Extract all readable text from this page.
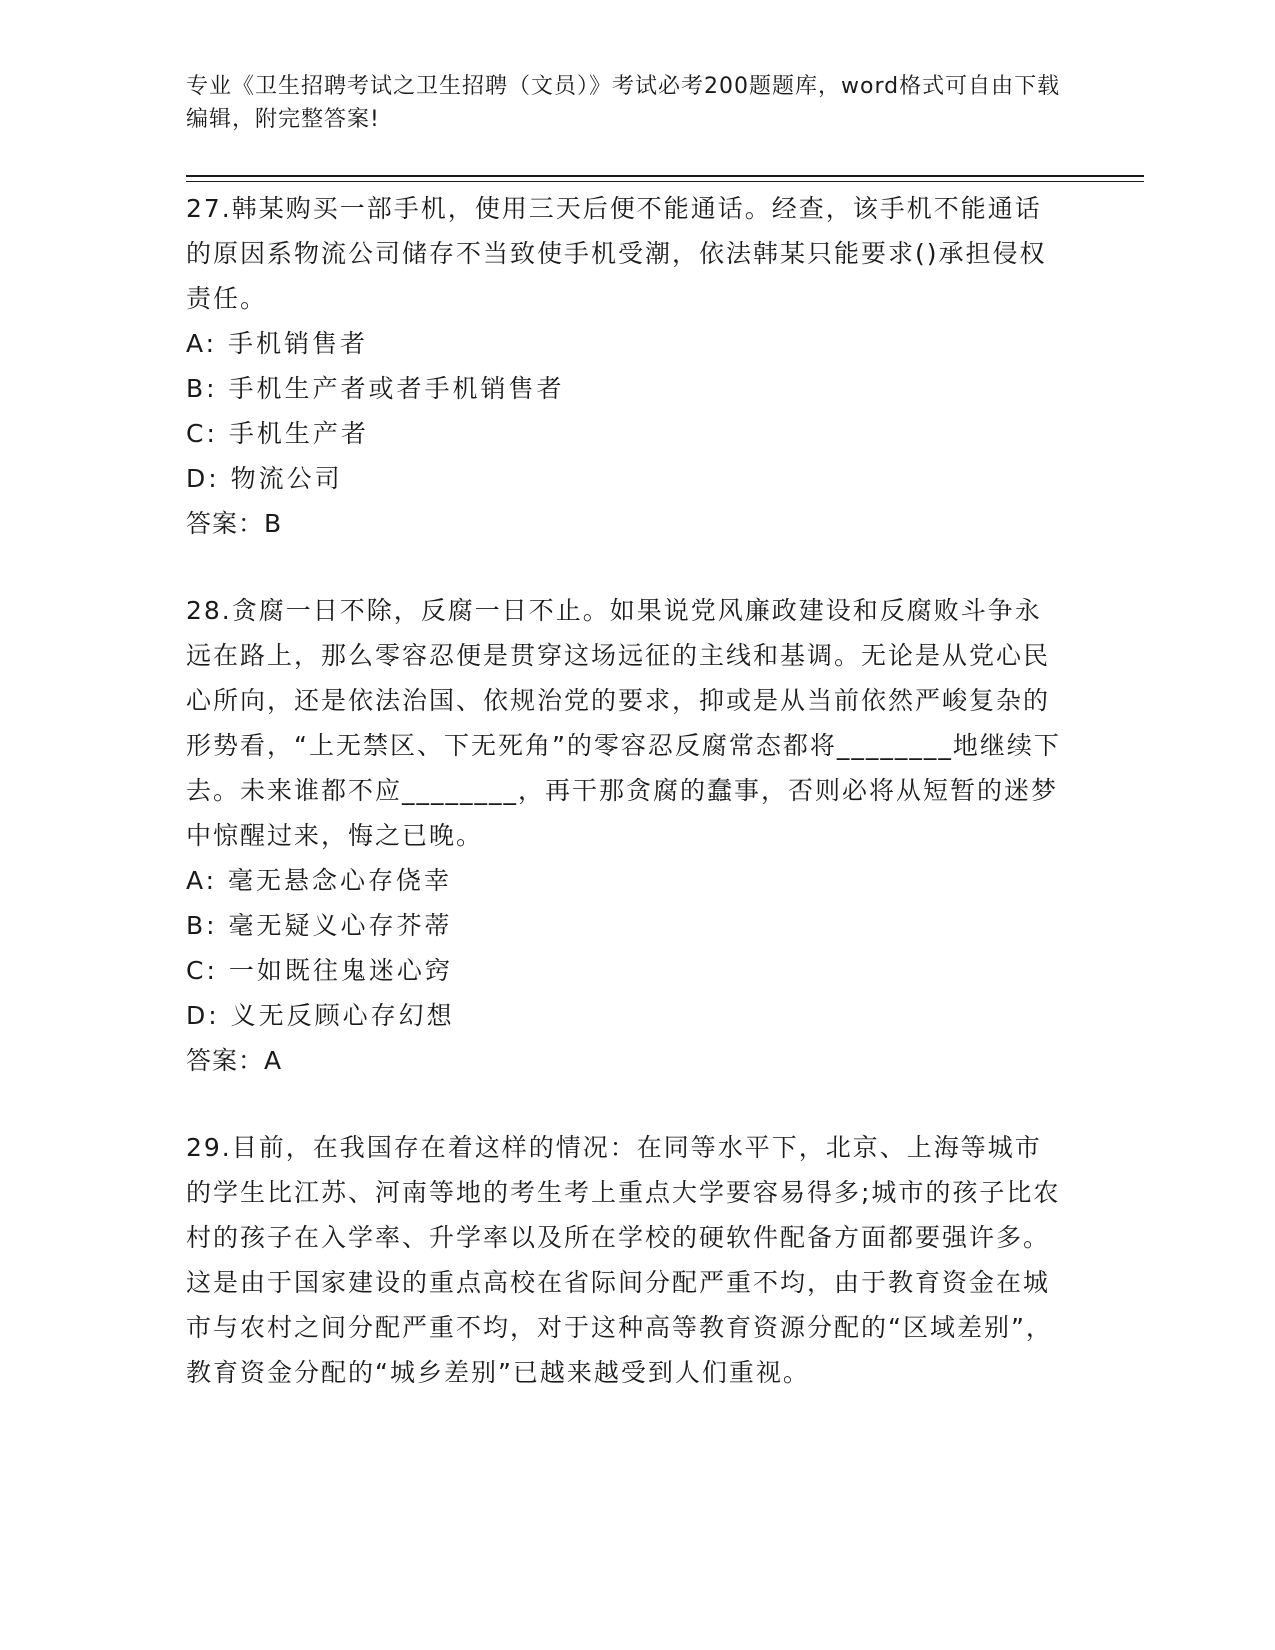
专业《卫生招聘考试之卫生招聘（文员）》考试必考200题题库，word格式可自由下载编辑，附完整答案!

27.韩某购买一部手机，使用三天后便不能通话。经查，该手机不能通话的原因系物流公司储存不当致使手机受潮，依法韩某只能要求()承担侵权责任。

A: 手机销售者
B: 手机生产者或者手机销售者
C: 手机生产者
D: 物流公司

答案：B

28.贪腐一日不除，反腐一日不止。如果说党风廉政建设和反腐败斗争永远在路上，那么零容忍便是贯穿这场远征的主线和基调。无论是从党心民心所向，还是依法治国、依规治党的要求，抑或是从当前依然严峻复杂的形势看，“上无禁区、下无死角”的零容忍反腐常态都将________地继续下去。未来谁都不应________，再干那贪腐的蠢事，否则必将从短暂的迷梦中惊醒过来，悔之已晚。

A: 毫无悬念心存侥幸
B: 毫无疑义心存芥蒂
C: 一如既往鬼迷心窍
D: 义无反顾心存幻想

答案：A

29.目前，在我国存在着这样的情况：在同等水平下，北京、上海等城市的学生比江苏、河南等地的考生考上重点大学要容易得多;城市的孩子比农村的孩子在入学率、升学率以及所在学校的硬软件配备方面都要强许多。这是由于国家建设的重点高校在省际间分配严重不均，由于教育资金在城市与农村之间分配严重不均，对于这种高等教育资源分配的“区域差别”，教育资金分配的“城乡差别”已越来越受到人们重视。
